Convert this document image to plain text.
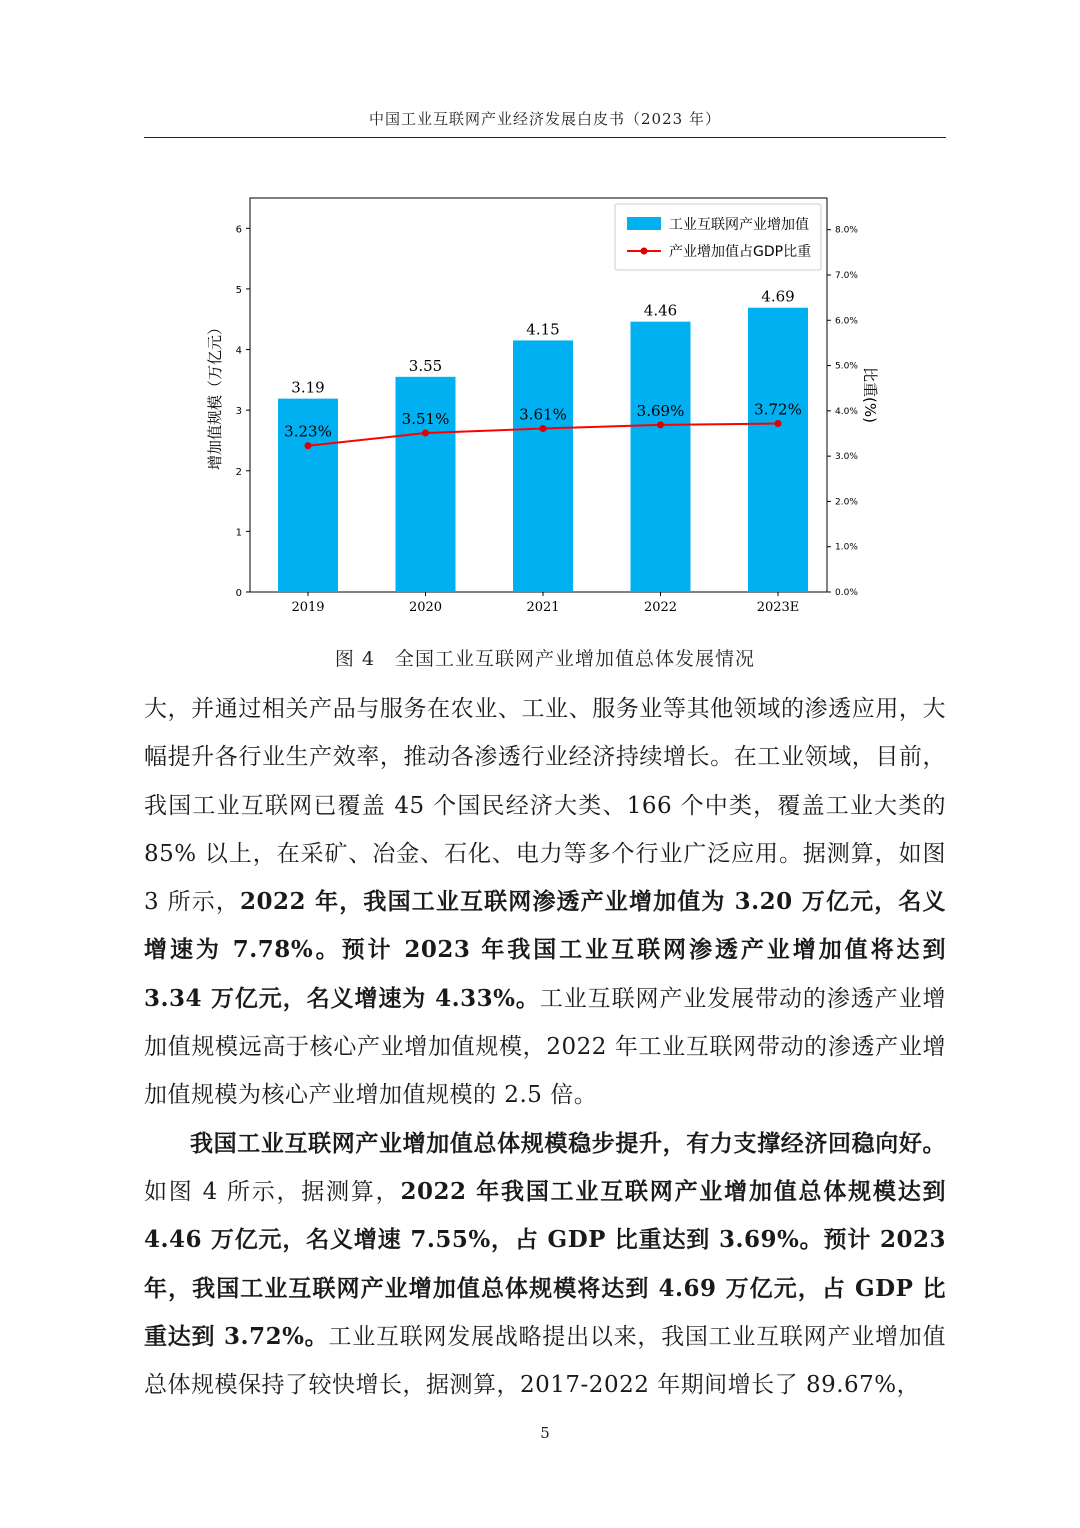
中国工业互联网产业经济发展白皮书（2023 年）
3.19
3.55
4.15
4.46
4.69
3.23%
3.51%	3.61%	3.69%	3.72%
0
1
2
3
4
5
6
0.0%
1.0%
2.0%
3.0%
4.0%
5.0%
6.0%
7.0%
8.0%
2019	2020	2021	2022	2023E
工业互联网产业增加值
产业增加值占GDP比重
增加值规模（万亿元）	比重(%)
图 4　全国工业互联网产业增加值总体发展情况

大，并通过相关产品与服务在农业、工业、服务业等其他领域的渗透应用，大幅提升各行业生产效率，推动各渗透行业经济持续增长。在工业领域，目前，我国工业互联网已覆盖 45 个国民经济大类、166 个中类，覆盖工业大类的 85% 以上，在采矿、冶金、石化、电力等多个行业广泛应用。据测算，如图 3 所示，2022 年，我国工业互联网渗透产业增加值为 3.20 万亿元，名义增速为 7.78%。预计 2023 年我国工业互联网渗透产业增加值将达到 3.34 万亿元，名义增速为 4.33%。工业互联网产业发展带动的渗透产业增加值规模远高于核心产业增加值规模，2022 年工业互联网带动的渗透产业增加值规模为核心产业增加值规模的 2.5 倍。

我国工业互联网产业增加值总体规模稳步提升，有力支撑经济回稳向好。如图 4 所示，据测算，2022 年我国工业互联网产业增加值总体规模达到 4.46 万亿元，名义增速 7.55%，占 GDP 比重达到 3.69%。预计 2023 年，我国工业互联网产业增加值总体规模将达到 4.69 万亿元，占 GDP 比重达到 3.72%。工业互联网发展战略提出以来，我国工业互联网产业增加值总体规模保持了较快增长，据测算，2017-2022 年期间增长了 89.67%，

5
